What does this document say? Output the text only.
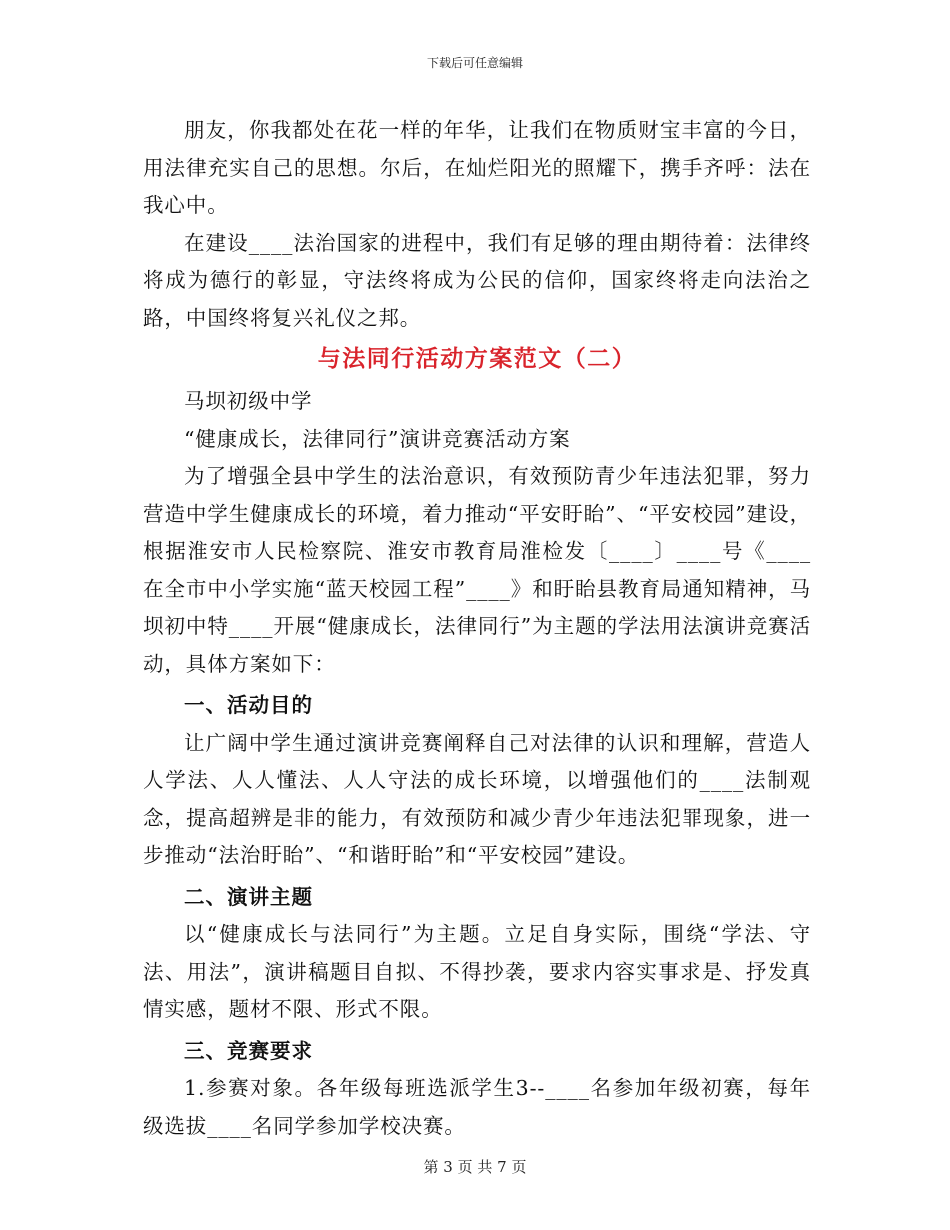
下载后可任意编辑

朋友，你我都处在花一样的年华，让我们在物质财宝丰富的今日，用法律充实自己的思想。尔后，在灿烂阳光的照耀下，携手齐呼：法在我心中。

在建设____法治国家的进程中，我们有足够的理由期待着：法律终将成为德行的彰显，守法终将成为公民的信仰，国家终将走向法治之路，中国终将复兴礼仪之邦。

与法同行活动方案范文（二）

马坝初级中学

“健康成长，法律同行”演讲竞赛活动方案

为了增强全县中学生的法治意识，有效预防青少年违法犯罪，努力营造中学生健康成长的环境，着力推动“平安盱眙”、“平安校园”建设，根据淮安市人民检察院、淮安市教育局淮检发〔____〕____号《____在全市中小学实施“蓝天校园工程”____》和盱眙县教育局通知精神，马坝初中特____开展“健康成长，法律同行”为主题的学法用法演讲竞赛活动，具体方案如下：

一、活动目的

让广阔中学生通过演讲竞赛阐释自己对法律的认识和理解，营造人人学法、人人懂法、人人守法的成长环境，以增强他们的____法制观念，提高超辨是非的能力，有效预防和减少青少年违法犯罪现象，进一步推动“法治盱眙”、“和谐盱眙”和“平安校园”建设。

二、演讲主题

以“健康成长与法同行”为主题。立足自身实际，围绕“学法、守法、用法”，演讲稿题目自拟、不得抄袭，要求内容实事求是、抒发真情实感，题材不限、形式不限。

三、竞赛要求

1.参赛对象。各年级每班选派学生3--____名参加年级初赛，每年级选拔____名同学参加学校决赛。

第 3 页 共 7 页
